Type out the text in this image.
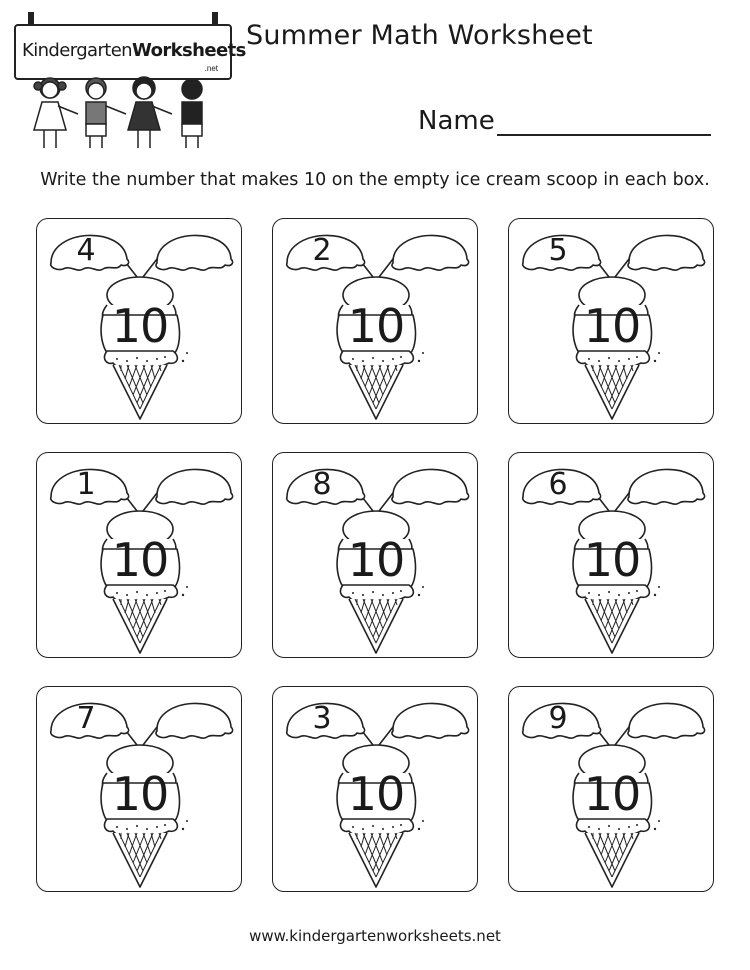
KindergartenWorksheets
.net
Summer Math Worksheet
Name
Write the number that makes 10 on the empty ice cream scoop in each box.
4
10
2
10
5
10
1
10
8
10
6
10
7
10
3
10
9
10
www.kindergartenworksheets.net
